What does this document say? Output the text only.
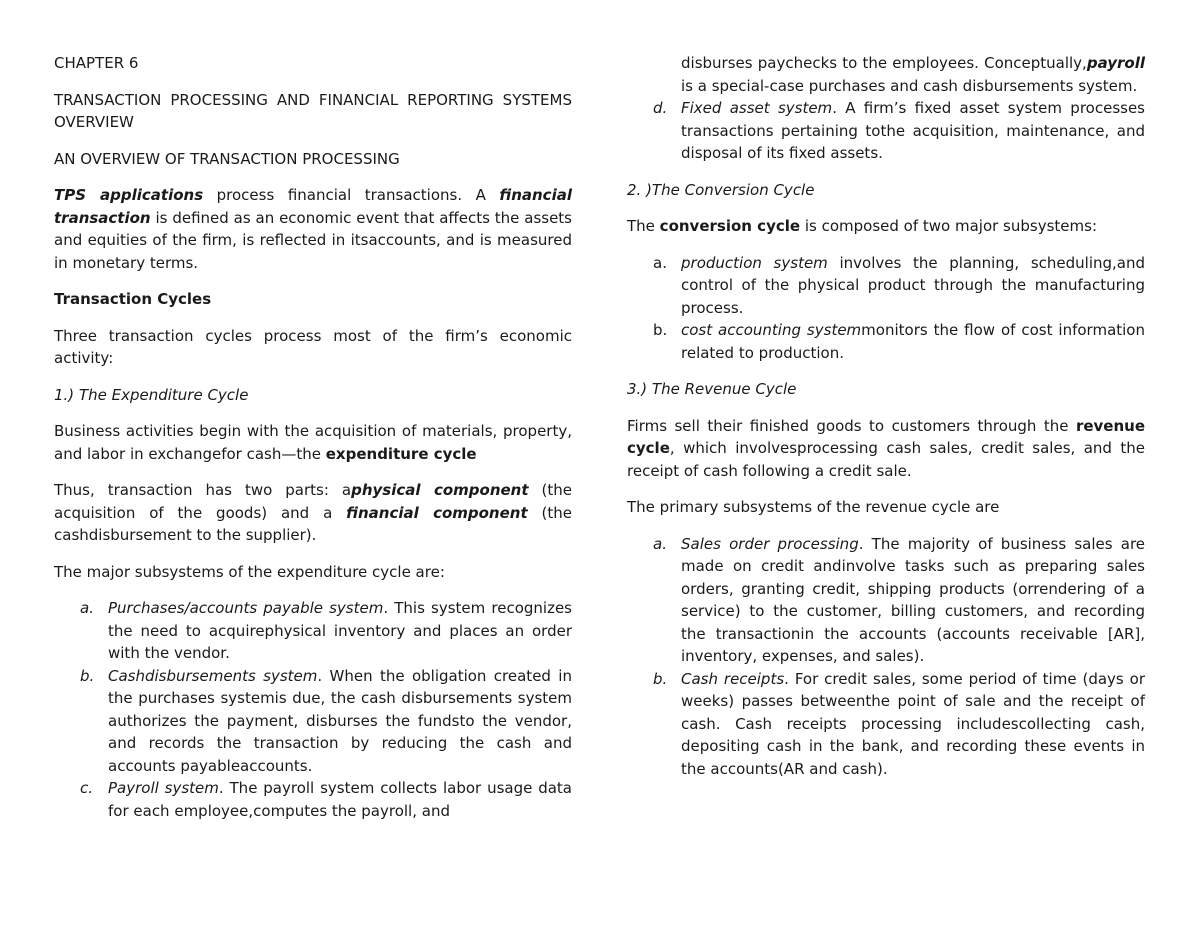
CHAPTER 6

TRANSACTION PROCESSING AND FINANCIAL REPORTING SYSTEMS OVERVIEW

AN OVERVIEW OF TRANSACTION PROCESSING

TPS applications process financial transactions. A financial transaction is defined as an economic event that affects the assets and equities of the firm, is reflected in itsaccounts, and is measured in monetary terms.

Transaction Cycles

Three transaction cycles process most of the firm’s economic activity:

1.) The Expenditure Cycle

Business activities begin with the acquisition of materials, property, and labor in exchangefor cash—the expenditure cycle

Thus, transaction has two parts: aphysical component (the acquisition of the goods) and a financial component (the cashdisbursement to the supplier).

The major subsystems of the expenditure cycle are:

a. Purchases/accounts payable system. This system recognizes the need to acquirephysical inventory and places an order with the vendor.
b. Cashdisbursements system. When the obligation created in the purchases systemis due, the cash disbursements system authorizes the payment, disburses the fundsto the vendor, and records the transaction by reducing the cash and accounts payableaccounts.
c. Payroll system. The payroll system collects labor usage data for each employee,computes the payroll, and

disburses paychecks to the employees. Conceptually,payroll is a special-case purchases and cash disbursements system.

d. Fixed asset system. A firm’s fixed asset system processes transactions pertaining tothe acquisition, maintenance, and disposal of its fixed assets.
2. )The Conversion Cycle

The conversion cycle is composed of two major subsystems:

a. production system involves the planning, scheduling,and control of the physical product through the manufacturing process.
b. cost accounting systemmonitors the flow of cost information related to production.
3.) The Revenue Cycle

Firms sell their finished goods to customers through the revenue cycle, which involvesprocessing cash sales, credit sales, and the receipt of cash following a credit sale.

The primary subsystems of the revenue cycle are

a. Sales order processing. The majority of business sales are made on credit andinvolve tasks such as preparing sales orders, granting credit, shipping products (orrendering of a service) to the customer, billing customers, and recording the transactionin the accounts (accounts receivable [AR], inventory, expenses, and sales).
b. Cash receipts. For credit sales, some period of time (days or weeks) passes betweenthe point of sale and the receipt of cash. Cash receipts processing includescollecting cash, depositing cash in the bank, and recording these events in the accounts(AR and cash).
